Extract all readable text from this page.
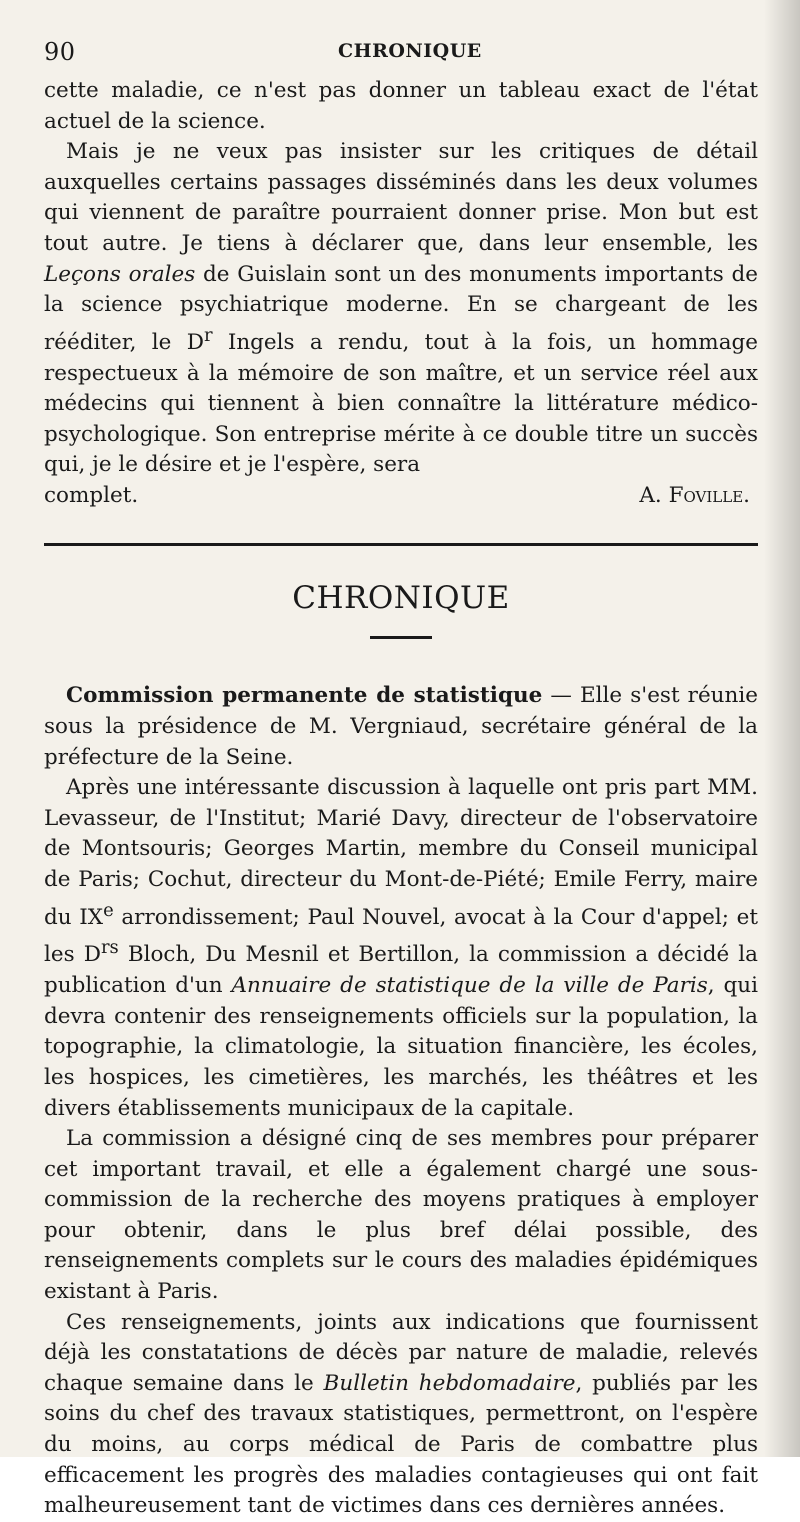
90	CHRONIQUE

cette maladie, ce n'est pas donner un tableau exact de l'état actuel de la science.

Mais je ne veux pas insister sur les critiques de détail auxquelles certains passages disséminés dans les deux volumes qui viennent de paraître pourraient donner prise. Mon but est tout autre. Je tiens à déclarer que, dans leur ensemble, les Leçons orales de Guislain sont un des monuments importants de la science psychiatrique moderne. En se chargeant de les rééditer, le $D^r$ Ingels a rendu, tout à la fois, un hommage respectueux à la mémoire de son maître, et un service réel aux médecins qui tiennent à bien connaître la littérature médico-psychologique. Son entreprise mérite à ce double titre un succès qui, je le désire et je l'espère, sera

complet.	A. Foville.
CHRONIQUE

Commission permanente de statistique — Elle s'est réunie sous la présidence de M. Vergniaud, secrétaire général de la préfecture de la Seine.

Après une intéressante discussion à laquelle ont pris part MM. Levasseur, de l'Institut; Marié Davy, directeur de l'observatoire de Montsouris; Georges Martin, membre du Conseil municipal de Paris; Cochut, directeur du Mont-de-Piété; Emile Ferry, maire du IXe arrondissement; Paul Nouvel, avocat à la Cour d'appel; et les $D^{rs}$ Bloch, Du Mesnil et Bertillon, la commission a décidé la publication d'un Annuaire de statistique de la ville de Paris, qui devra contenir des renseignements officiels sur la population, la topographie, la climatologie, la situation financière, les écoles, les hospices, les cimetières, les marchés, les théâtres et les divers établissements municipaux de la capitale.

La commission a désigné cinq de ses membres pour préparer cet important travail, et elle a également chargé une sous-commission de la recherche des moyens pratiques à employer pour obtenir, dans le plus bref délai possible, des renseignements complets sur le cours des maladies épidémiques existant à Paris.

Ces renseignements, joints aux indications que fournissent déjà les constatations de décès par nature de maladie, relevés chaque semaine dans le Bulletin hebdomadaire, publiés par les soins du chef des travaux statistiques, permettront, on l'espère du moins, au corps médical de Paris de combattre plus efficacement les progrès des maladies contagieuses qui ont fait malheureusement tant de victimes dans ces dernières années.
